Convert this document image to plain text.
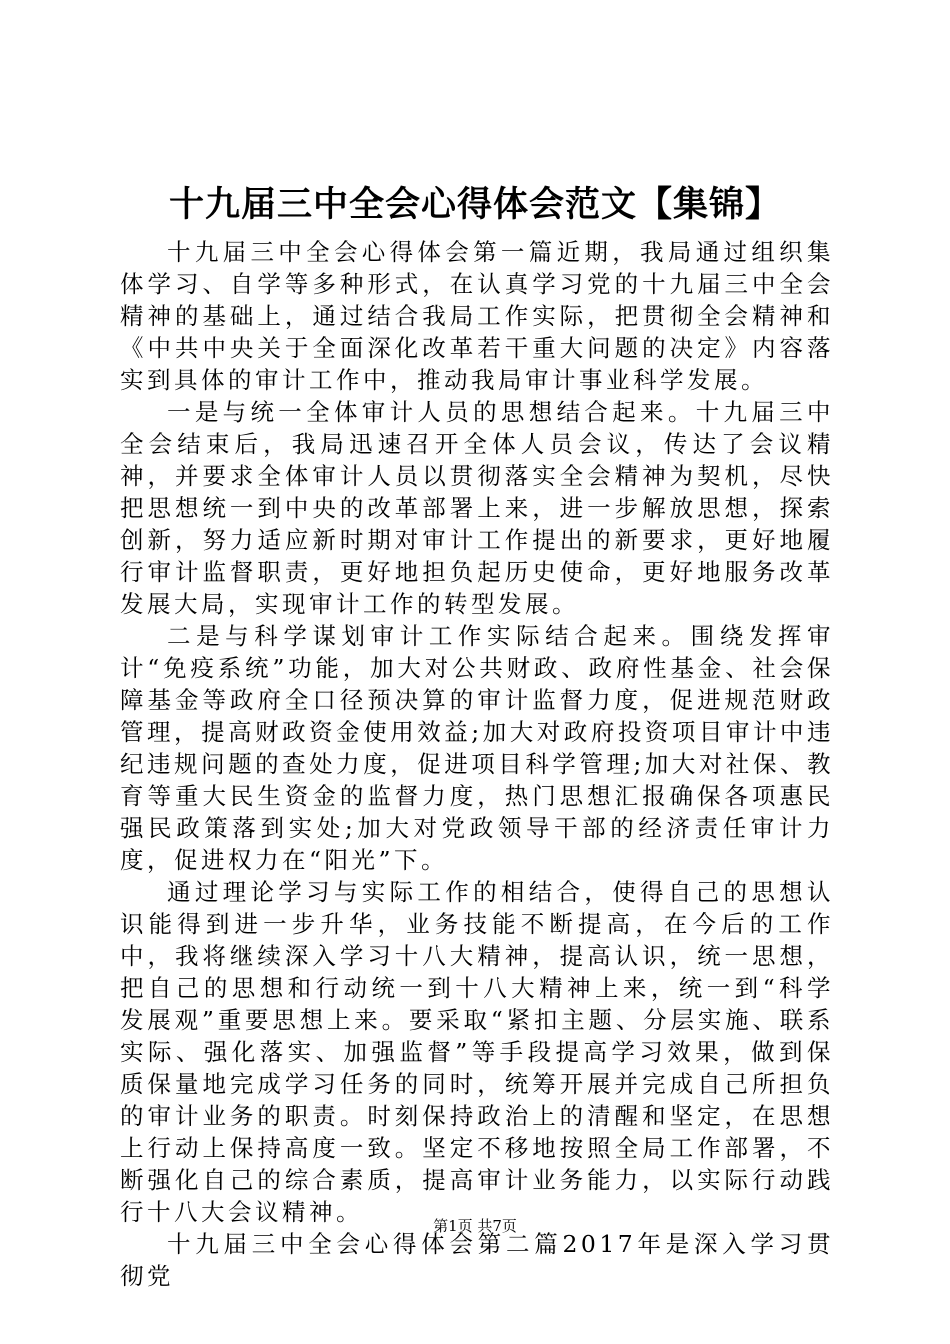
十九届三中全会心得体会范文【集锦】

十九届三中全会心得体会第一篇近期，我局通过组织集体学习、自学等多种形式，在认真学习党的十九届三中全会精神的基础上，通过结合我局工作实际，把贯彻全会精神和《中共中央关于全面深化改革若干重大问题的决定》内容落实到具体的审计工作中，推动我局审计事业科学发展。

一是与统一全体审计人员的思想结合起来。十九届三中全会结束后，我局迅速召开全体人员会议，传达了会议精神，并要求全体审计人员以贯彻落实全会精神为契机，尽快把思想统一到中央的改革部署上来，进一步解放思想，探索创新，努力适应新时期对审计工作提出的新要求，更好地履行审计监督职责，更好地担负起历史使命，更好地服务改革发展大局，实现审计工作的转型发展。

二是与科学谋划审计工作实际结合起来。围绕发挥审计“免疫系统”功能，加大对公共财政、政府性基金、社会保障基金等政府全口径预决算的审计监督力度，促进规范财政管理，提高财政资金使用效益;加大对政府投资项目审计中违纪违规问题的查处力度，促进项目科学管理;加大对社保、教育等重大民生资金的监督力度，热门思想汇报确保各项惠民强民政策落到实处;加大对党政领导干部的经济责任审计力度，促进权力在“阳光”下。

通过理论学习与实际工作的相结合，使得自己的思想认识能得到进一步升华，业务技能不断提高，在今后的工作中，我将继续深入学习十八大精神，提高认识，统一思想，把自己的思想和行动统一到十八大精神上来，统一到“科学发展观”重要思想上来。要采取“紧扣主题、分层实施、联系实际、强化落实、加强监督”等手段提高学习效果，做到保质保量地完成学习任务的同时，统筹开展并完成自己所担负的审计业务的职责。时刻保持政治上的清醒和坚定，在思想上行动上保持高度一致。坚定不移地按照全局工作部署，不断强化自己的综合素质，提高审计业务能力，以实际行动践行十八大会议精神。

十九届三中全会心得体会第二篇2017年是深入学习贯彻党

第1页 共7页
